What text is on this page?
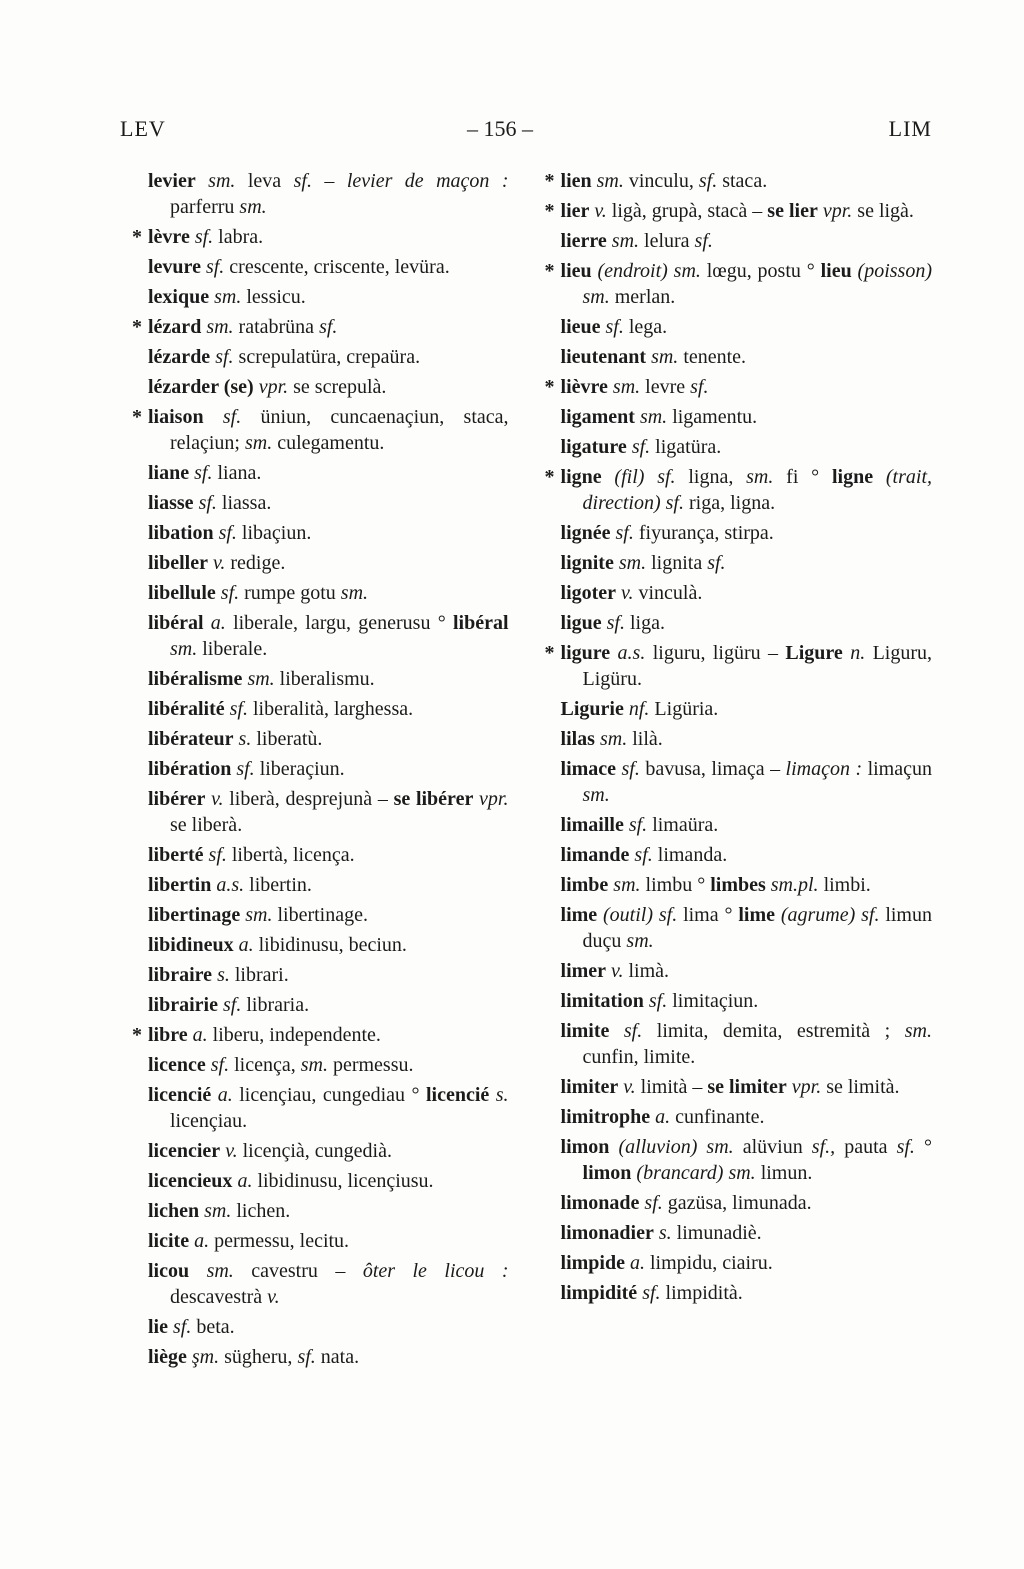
LEV	– 156 –	LIM
levier sm. leva sf. – levier de maçon : parferru sm.
* lèvre sf. labra.
levure sf. crescente, criscente, levüra.
lexique sm. lessicu.
* lézard sm. ratabrüna sf.
lézarde sf. screpulatüra, crepaüra.
lézarder (se) vpr. se screpulà.
* liaison sf. üniun, cuncaenaçiun, staca, relaçiun; sm. culegamentu.
liane sf. liana.
liasse sf. liassa.
libation sf. libaçiun.
libeller v. redige.
libellule sf. rumpe gotu sm.
libéral a. liberale, largu, generusu ° libéral sm. liberale.
libéralisme sm. liberalismu.
libéralité sf. liberalità, larghessa.
libérateur s. liberatù.
libération sf. liberaçiun.
libérer v. liberà, desprejunà – se libérer vpr. se liberà.
liberté sf. libertà, licença.
libertin a.s. libertin.
libertinage sm. libertinage.
libidineux a. libidinusu, beciun.
libraire s. librari.
librairie sf. libraria.
* libre a. liberu, independente.
licence sf. licença, sm. permessu.
licencié a. licençiau, cungediau ° licencié s. licençiau.
licencier v. licençià, cungedià.
licencieux a. libidinusu, licençiusu.
lichen sm. lichen.
licite a. permessu, lecitu.
licou sm. cavestru – ôter le licou : descavestrà v.
lie sf. beta.
liège şm. sügheru, sf. nata.
* lien sm. vinculu, sf. staca.
* lier v. ligà, grupà, stacà – se lier vpr. se ligà.
lierre sm. lelura sf.
* lieu (endroit) sm. lœgu, postu ° lieu (poisson) sm. merlan.
lieue sf. lega.
lieutenant sm. tenente.
* lièvre sm. levre sf.
ligament sm. ligamentu.
ligature sf. ligatüra.
* ligne (fil) sf. ligna, sm. fi ° ligne (trait, direction) sf. riga, ligna.
lignée sf. fiyurança, stirpa.
lignite sm. lignita sf.
ligoter v. vinculà.
ligue sf. liga.
* ligure a.s. liguru, ligüru – Ligure n. Liguru, Ligüru.
Ligurie nf. Ligüria.
lilas sm. lilà.
limace sf. bavusa, limaça – limaçon : limaçun sm.
limaille sf. limaüra.
limande sf. limanda.
limbe sm. limbu ° limbes sm.pl. limbi.
lime (outil) sf. lima ° lime (agrume) sf. limun duçu sm.
limer v. limà.
limitation sf. limitaçiun.
limite sf. limita, demita, estremità ; sm. cunfin, limite.
limiter v. limità – se limiter vpr. se limità.
limitrophe a. cunfinante.
limon (alluvion) sm. alüviun sf., pauta sf. ° limon (brancard) sm. limun.
limonade sf. gazüsa, limunada.
limonadier s. limunadiè.
limpide a. limpidu, ciairu.
limpidité sf. limpidità.
